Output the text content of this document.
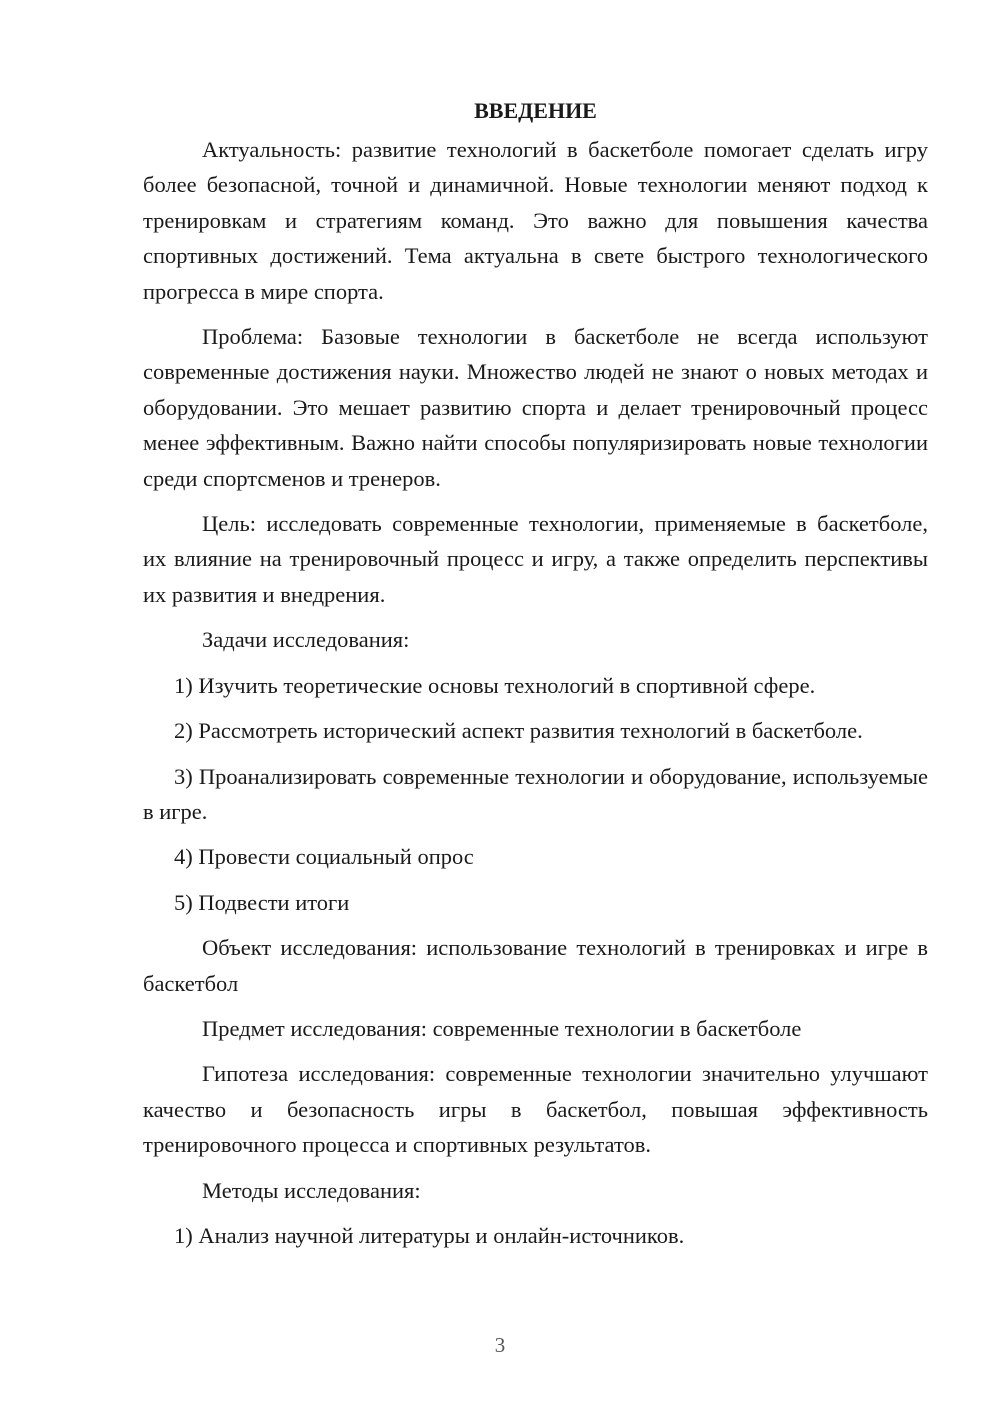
ВВЕДЕНИЕ

Актуальность: развитие технологий в баскетболе помогает сделать игру более безопасной, точной и динамичной. Новые технологии меняют подход к тренировкам и стратегиям команд. Это важно для повышения качества спортивных достижений. Тема актуальна в свете быстрого технологического прогресса в мире спорта.

Проблема: Базовые технологии в баскетболе не всегда используют современные достижения науки. Множество людей не знают о новых методах и оборудовании. Это мешает развитию спорта и делает тренировочный процесс менее эффективным. Важно найти способы популяризировать новые технологии среди спортсменов и тренеров.

Цель: исследовать современные технологии, применяемые в баскетболе, их влияние на тренировочный процесс и игру, а также определить перспективы их развития и внедрения.

Задачи исследования:

1) Изучить теоретические основы технологий в спортивной сфере.

2) Рассмотреть исторический аспект развития технологий в баскетболе.

3) Проанализировать современные технологии и оборудование, используемые в игре.

4) Провести социальный опрос

5) Подвести итоги

Объект исследования: использование технологий в тренировках и игре в баскетбол

Предмет исследования: современные технологии в баскетболе

Гипотеза исследования: современные технологии значительно улучшают качество и безопасность игры в баскетбол, повышая эффективность тренировочного процесса и спортивных результатов.

Методы исследования:

1) Анализ научной литературы и онлайн-источников.

3
